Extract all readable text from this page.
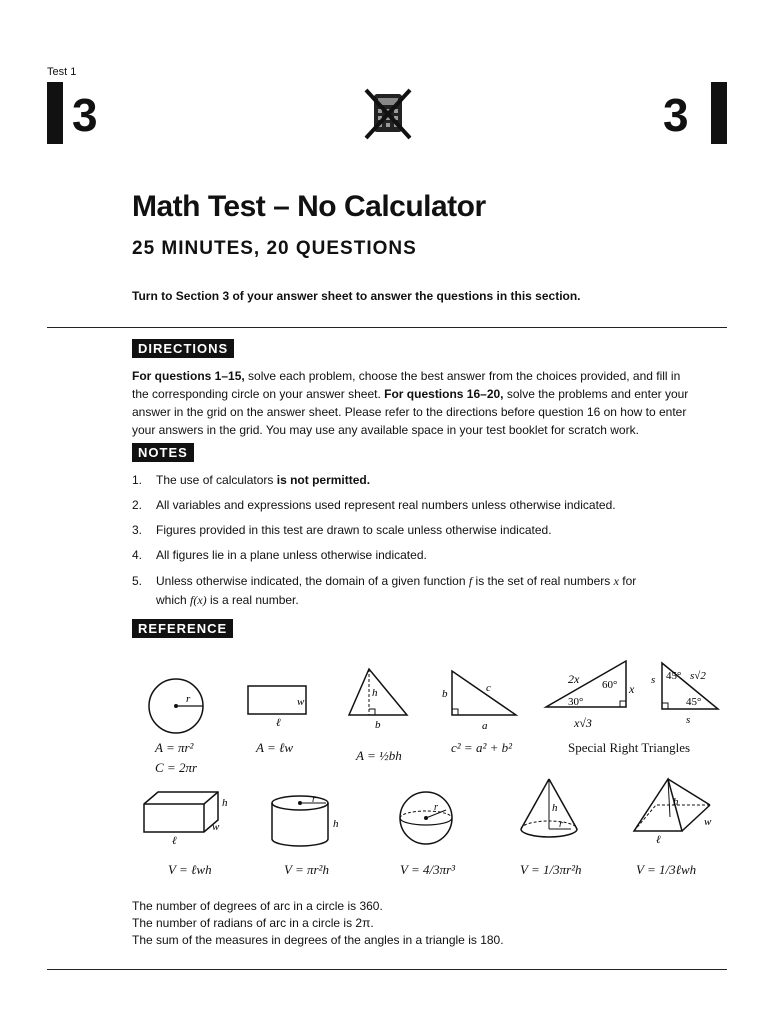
Test 1
3	3
Math Test – No Calculator
25 MINUTES, 20 QUESTIONS
Turn to Section 3 of your answer sheet to answer the questions in this section.
DIRECTIONS
For questions 1–15, solve each problem, choose the best answer from the choices provided, and fill in the corresponding circle on your answer sheet. For questions 16–20, solve the problems and enter your answer in the grid on the answer sheet. Please refer to the directions before question 16 on how to enter your answers in the grid. You may use any available space in your test booklet for scratch work.
NOTES
1. The use of calculators is not permitted.
2. All variables and expressions used represent real numbers unless otherwise indicated.
3. Figures provided in this test are drawn to scale unless otherwise indicated.
4. All figures lie in a plane unless otherwise indicated.
5. Unless otherwise indicated, the domain of a given function f is the set of real numbers x for
which f(x) is a real number.
REFERENCE
r	w
ℓ
h
b
b	c
a
2x 60°
30°
x
x√3
s 45° s√2
45°
s
A = πr²
C = 2πr
A = ℓw
A = ½bh
c² = a² + b²	Special Right Triangles
h
w
ℓ
r
h
r	h
r
h
w
ℓ
V = ℓwh	V = πr²h	V = 4/3πr³	V = 1/3πr²h	V = 1/3ℓwh
The number of degrees of arc in a circle is 360.
The number of radians of arc in a circle is 2π.
The sum of the measures in degrees of the angles in a triangle is 180.
